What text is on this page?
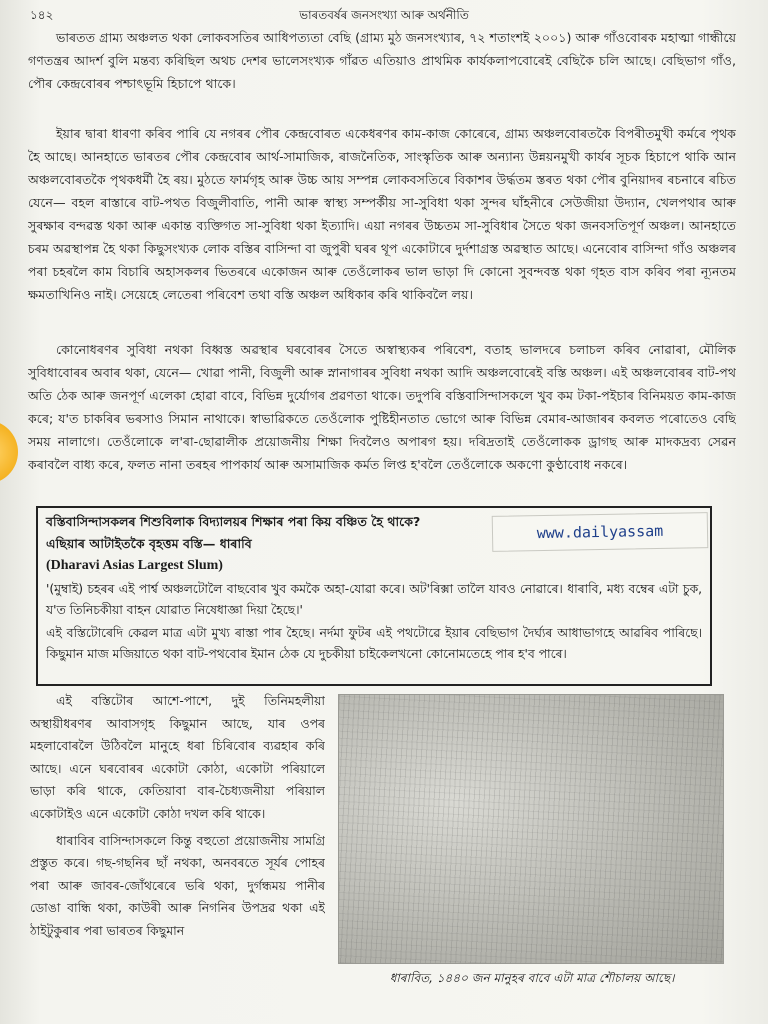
১৪২	ভাৰতবৰ্ষৰ জনসংখ্যা আৰু অৰ্থনীতি

ভাৰতত গ্ৰাম্য অঞ্চলত থকা লোকবসতিৰ আধিপত্যতা বেছি (গ্ৰাম্য মুঠ জনসংখ্যাৰ, ৭২ শতাংশই ২০০১) আৰু গাঁওবোৰক মহাত্মা গান্ধীয়ে গণতন্ত্ৰৰ আদৰ্শ বুলি মন্তব্য কৰিছিল অথচ দেশৰ ভালেসংখ্যক গাঁৱত এতিয়াও প্ৰাথমিক কাৰ্যকলাপবোৰেই বেছিকৈ চলি আছে। বেছিভাগ গাঁও, পৌৰ কেন্দ্ৰবোৰৰ পশ্চাৎভূমি হিচাপে থাকে।

ইয়াৰ দ্বাৰা ধাৰণা কৰিব পাৰি যে নগৰৰ পৌৰ কেন্দ্ৰবোৰত একেধৰণৰ কাম-কাজ কোৰেৰে, গ্ৰাম্য অঞ্চলবোৰতকৈ বিপৰীতমুখী কৰ্মৰে পৃথক হৈ আছে। আনহাতে ভাৰতৰ পৌৰ কেন্দ্ৰবোৰ আৰ্থ-সামাজিক, ৰাজনৈতিক, সাংস্কৃতিক আৰু অন্যান্য উন্নয়নমুখী কাৰ্যৰ সূচক হিচাপে থাকি আন অঞ্চলবোৰতকৈ পৃথকধৰ্মী হৈ ৰয়। মুঠতে ফাৰ্মগৃহ আৰু উচ্চ আয় সম্পন্ন লোকবসতিৰে বিকাশৰ উৰ্দ্ধতম স্তৰত থকা পৌৰ বুনিয়াদৰ ৰচনাৰে ৰচিত যেনে— বহল ৰাস্তাৰে বাট-পথত বিজুলীবাতি, পানী আৰু স্বাস্থ্য সম্পৰ্কীয় সা-সুবিধা থকা সুন্দৰ ঘাঁহনীৰে সেউজীয়া উদ্যান, খেলপথাৰ আৰু সুৰক্ষাৰ বন্দৱস্ত থকা আৰু একান্ত ব্যক্তিগত সা-সুবিধা থকা ইত্যাদি। এয়া নগৰৰ উচ্চতম সা-সুবিধাৰ সৈতে থকা জনবসতিপূৰ্ণ অঞ্চল। আনহাতে চৰম অৱস্থাপন্ন হৈ থকা কিছুসংখ্যক লোক বস্তিৰ বাসিন্দা বা জুপুৰী ঘৰৰ থূপ একোটাৰে দুৰ্দশাগ্ৰস্ত অৱস্থাত আছে। এনেবোৰ বাসিন্দা গাঁও অঞ্চলৰ পৰা চহৰলৈ কাম বিচাৰি অহাসকলৰ ভিতৰৰে একোজন আৰু তেওঁলোকৰ ভাল ভাড়া দি কোনো সুবন্দবস্ত থকা গৃহত বাস কৰিব পৰা ন্যূনতম ক্ষমতাখিনিও নাই। সেয়েহে লেতেৰা পৰিবেশ তথা বস্তি অঞ্চল অধিকাৰ কৰি থাকিবলৈ লয়।

কোনোধৰণৰ সুবিধা নথকা বিধ্বস্ত অৱস্থাৰ ঘৰবোৰৰ সৈতে অস্বাস্থ্যকৰ পৰিবেশ, বতাহ ভালদৰে চলাচল কৰিব নোৱাৰা, মৌলিক সুবিধাবোৰৰ অবাৰ থকা, যেনে— খোৱা পানী, বিজুলী আৰু স্নানাগাৰৰ সুবিধা নথকা আদি অঞ্চলবোৰেই বস্তি অঞ্চল। এই অঞ্চলবোৰৰ বাট-পথ অতি ঠেক আৰু জনপূৰ্ণ এলেকা হোৱা বাবে, বিভিন্ন দুৰ্যোগৰ প্ৰৱণতা থাকে। তদুপৰি বস্তিবাসিন্দাসকলে খুব কম টকা-পইচাৰ বিনিময়ত কাম-কাজ কৰে; য'ত চাকৰিৰ ভৰসাও সিমান নাথাকে। স্বাভাৱিকতে তেওঁলোক পুষ্টিহীনতাত ভোগে আৰু বিভিন্ন বেমাৰ-আজাৰৰ কবলত পৰোতেও বেছি সময় নালাগে। তেওঁলোকে ল'ৰা-ছোৱালীক প্ৰয়োজনীয় শিক্ষা দিবলৈও অপাৰগ হয়। দৰিদ্ৰতাই তেওঁলোকক ড্ৰাগছ আৰু মাদকদ্ৰব্য সেৱন কৰাবলৈ বাধ্য কৰে, ফলত নানা তৰহৰ পাপকাৰ্য আৰু অসামাজিক কৰ্মত লিপ্ত হ'বলৈ তেওঁলোকে অকণো কুণ্ঠাবোধ নকৰে।

বস্তিবাসিন্দাসকলৰ শিশুবিলাক বিদ্যালয়ৰ শিক্ষাৰ পৰা কিয় বঞ্চিত হৈ থাকে?
এছিয়াৰ আটাইতকৈ বৃহত্তম বস্তি— ধাৰাবি
(Dharavi Asias Largest Slum)

'(মুম্বাই) চহৰৰ এই পাৰ্শ্ব অঞ্চলটোলৈ বাছবোৰ খুব কমকৈ অহা-যোৱা কৰে। অট'ৰিক্সা তালৈ যাবও নোৱাৰে। ধাৰাবি, মধ্য বম্বেৰ এটা চুক, য'ত তিনিচকীয়া বাহন যোৱাত নিষেধাজ্ঞা দিয়া হৈছে।'

এই বস্তিটোৰেদি কেৱল মাত্ৰ এটা মুখ্য ৰাস্তা পাৰ হৈছে। নৰ্দমা ফুটৰ এই পথটোৱে ইয়াৰ বেছিভাগ দৈৰ্ঘ্যৰ আধাভাগহে আৱৰিব পাৰিছে। কিছুমান মাজ মজিয়াতে থকা বাট-পথবোৰ ইমান ঠেক যে দুচকীয়া চাইকেলখনো কোনোমতেহে পাৰ হ'ব পাৰে।

www.dailyassam

এই বস্তিটোৰ আশে-পাশে, দুই তিনিমহলীয়া অস্থায়ীধৰণৰ আবাসগৃহ কিছুমান আছে, যাৰ ওপৰ মহলাবোৰলৈ উঠিবলৈ মানুহে ধৰা চিৰিবোৰ ব্যৱহাৰ কৰি আছে। এনে ঘৰবোৰৰ একোটা কোঠা, একোটা পৰিয়ালে ভাড়া কৰি থাকে, কেতিয়াবা বাৰ-চৈধ্যজনীয়া পৰিয়াল একোটাইও এনে একোটা কোঠা দখল কৰি থাকে।

ধাৰাবিৰ বাসিন্দাসকলে কিন্তু বহুতো প্ৰয়োজনীয় সামগ্ৰি প্ৰস্তুত কৰে। গছ-গছনিৰ ছাঁ নথকা, অনবৰতে সূৰ্যৰ পোহৰ পৰা আৰু জাবৰ-জোঁথৰেৰে ভৰি থকা, দুৰ্গন্ধময় পানীৰ ডোঙা বান্ধি থকা, কাউৰী আৰু নিগনিৰ উপদ্ৰৱ থকা এই ঠাইটুকুৰাৰ পৰা ভাৰতৰ কিছুমান

ধাৰাবিত, ১৪৪০ জন মানুহৰ বাবে এটা মাত্ৰ শৌচালয় আছে।
